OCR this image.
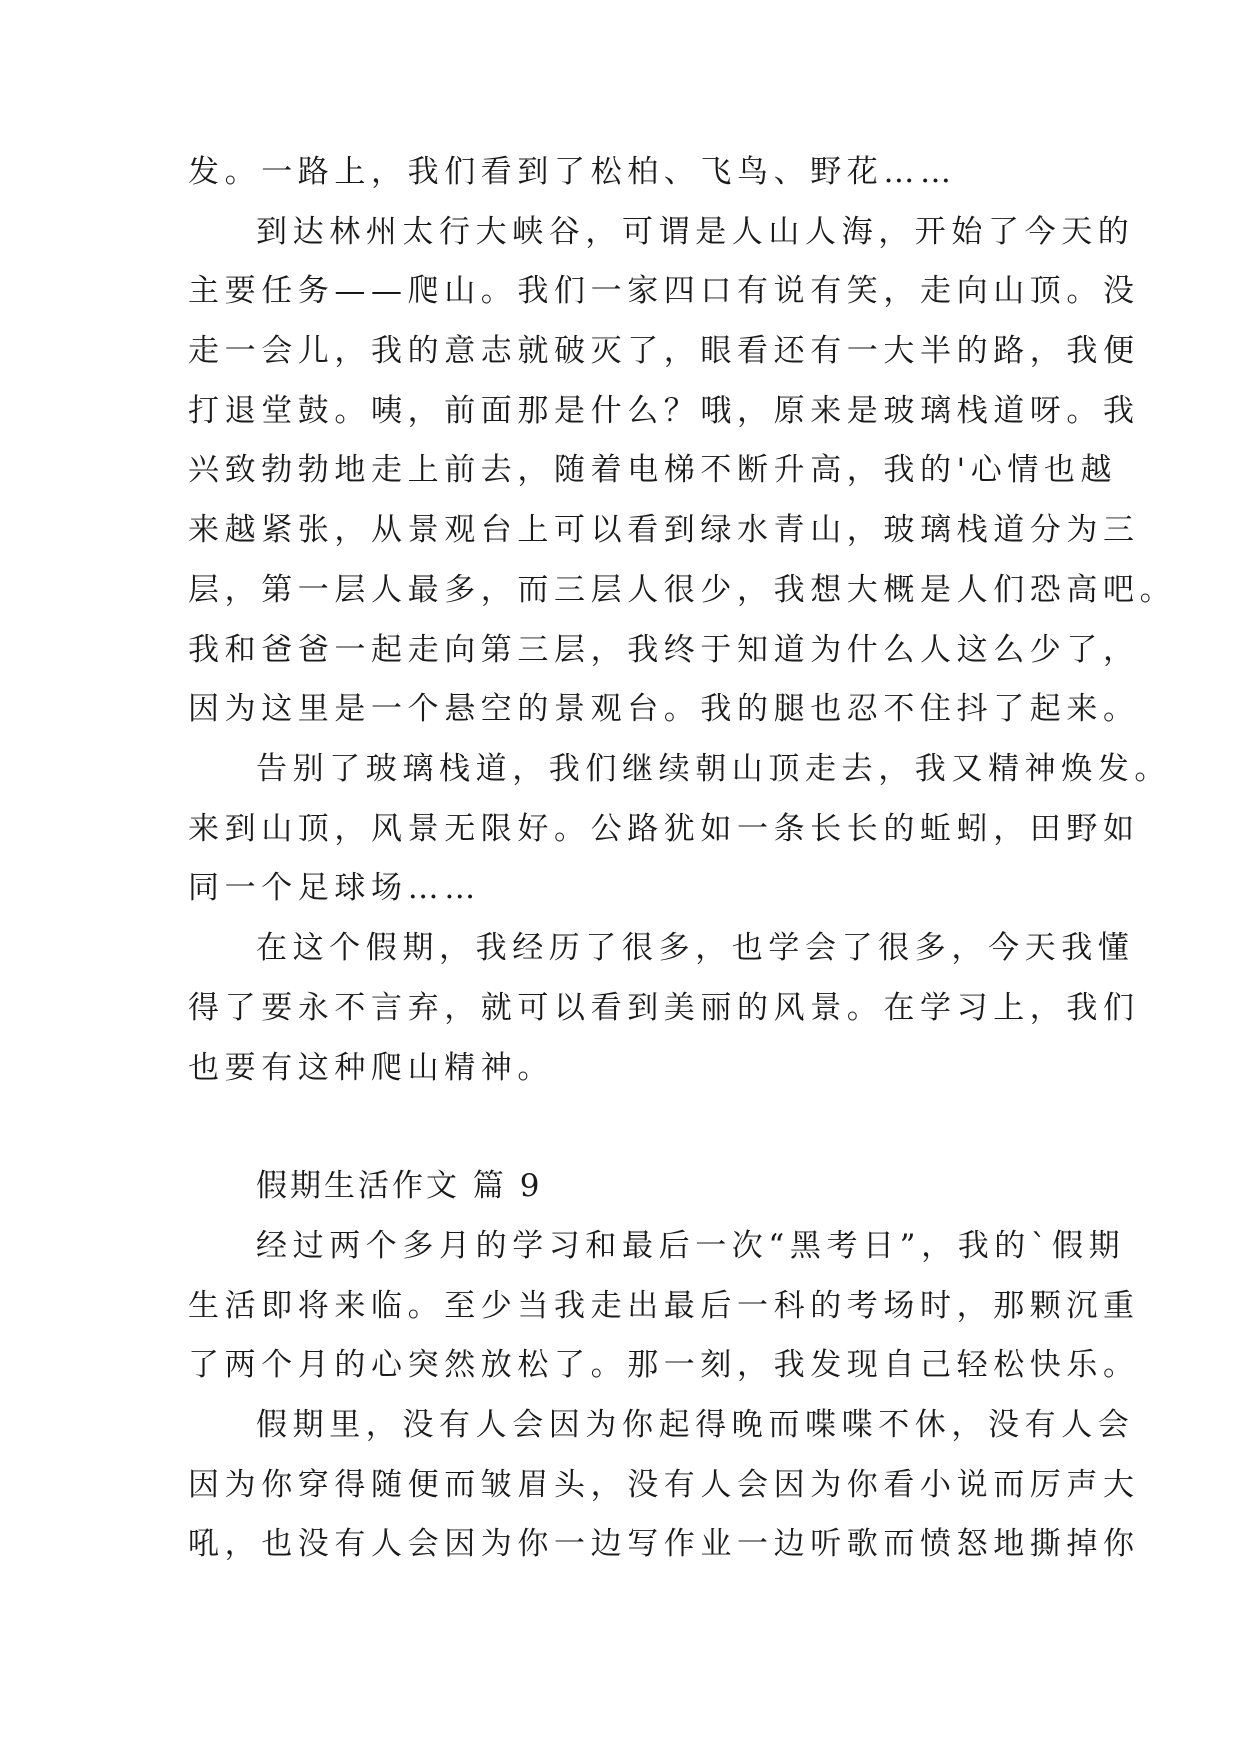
发。一路上，我们看到了松柏、飞鸟、野花……
到达林州太行大峡谷，可谓是人山人海，开始了今天的
主要任务——爬山。我们一家四口有说有笑，走向山顶。没
走一会儿，我的意志就破灭了，眼看还有一大半的路，我便
打退堂鼓。咦，前面那是什么？哦，原来是玻璃栈道呀。我
兴致勃勃地走上前去，随着电梯不断升高，我的'心情也越
来越紧张，从景观台上可以看到绿水青山，玻璃栈道分为三
层，第一层人最多，而三层人很少，我想大概是人们恐高吧。
我和爸爸一起走向第三层，我终于知道为什么人这么少了，
因为这里是一个悬空的景观台。我的腿也忍不住抖了起来。
告别了玻璃栈道，我们继续朝山顶走去，我又精神焕发。
来到山顶，风景无限好。公路犹如一条长长的蚯蚓，田野如
同一个足球场……
在这个假期，我经历了很多，也学会了很多，今天我懂
得了要永不言弃，就可以看到美丽的风景。在学习上，我们
也要有这种爬山精神。
假期生活作文 篇 9
经过两个多月的学习和最后一次“黑考日”，我的`假期
生活即将来临。至少当我走出最后一科的考场时，那颗沉重
了两个月的心突然放松了。那一刻，我发现自己轻松快乐。
假期里，没有人会因为你起得晚而喋喋不休，没有人会
因为你穿得随便而皱眉头，没有人会因为你看小说而厉声大
吼，也没有人会因为你一边写作业一边听歌而愤怒地撕掉你
